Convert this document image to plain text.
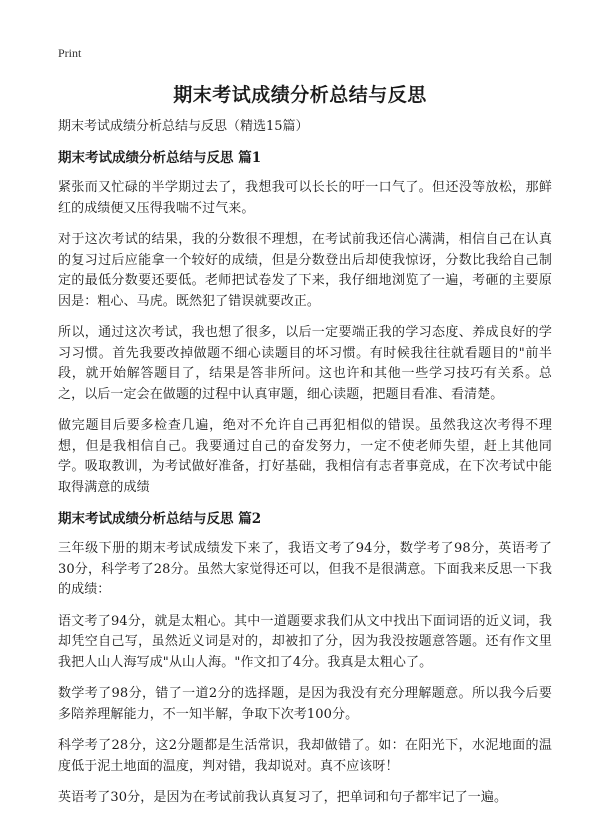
Print
期末考试成绩分析总结与反思

期末考试成绩分析总结与反思（精选15篇）

期末考试成绩分析总结与反思 篇1

紧张而又忙碌的半学期过去了，我想我可以长长的吁一口气了。但还没等放松，那鲜红的成绩便又压得我喘不过气来。

对于这次考试的结果，我的分数很不理想，在考试前我还信心满满，相信自己在认真的复习过后应能拿一个较好的成绩，但是分数登出后却使我惊讶，分数比我给自己制定的最低分数要还要低。老师把试卷发了下来，我仔细地浏览了一遍，考砸的主要原因是：粗心、马虎。既然犯了错误就要改正。

所以，通过这次考试，我也想了很多，以后一定要端正我的学习态度、养成良好的学习习惯。首先我要改掉做题不细心读题目的坏习惯。有时候我往往就看题目的"前半段，就开始解答题目了，结果是答非所问。这也许和其他一些学习技巧有关系。总之，以后一定会在做题的过程中认真审题，细心读题，把题目看准、看清楚。

做完题目后要多检查几遍，绝对不允许自己再犯相似的错误。虽然我这次考得不理想，但是我相信自己。我要通过自己的奋发努力，一定不使老师失望，赶上其他同学。吸取教训，为考试做好准备，打好基础，我相信有志者事竟成，在下次考试中能取得满意的成绩

期末考试成绩分析总结与反思 篇2

三年级下册的期末考试成绩发下来了，我语文考了94分，数学考了98分，英语考了30分，科学考了28分。虽然大家觉得还可以，但我不是很满意。下面我来反思一下我的成绩：

语文考了94分，就是太粗心。其中一道题要求我们从文中找出下面词语的近义词，我却凭空自己写，虽然近义词是对的，却被扣了分，因为我没按题意答题。还有作文里我把人山人海写成"从山人海。"作文扣了4分。我真是太粗心了。

数学考了98分，错了一道2分的选择题，是因为我没有充分理解题意。所以我今后要多陪养理解能力，不一知半解，争取下次考100分。

科学考了28分，这2分题都是生活常识，我却做错了。如：在阳光下，水泥地面的温度低于泥土地面的温度，判对错，我却说对。真不应该呀！

英语考了30分，是因为在考试前我认真复习了，把单词和句子都牢记了一遍。
